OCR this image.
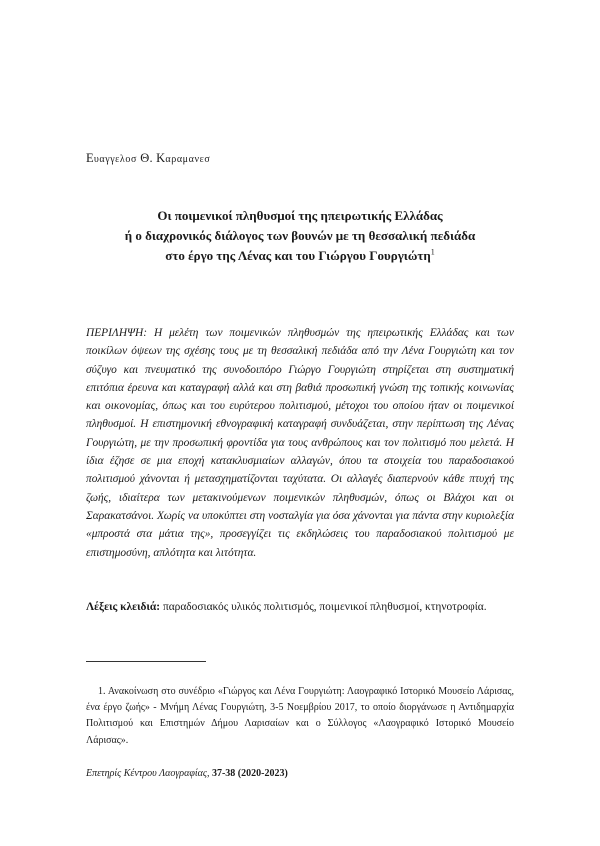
Ευαγγελοσ Θ. Καραμανεσ
Οι ποιμενικοί πληθυσμοί της ηπειρωτικής Ελλάδας
ή ο διαχρονικός διάλογος των βουνών με τη θεσσαλική πεδιάδα
στο έργο της Λένας και του Γιώργου Γουργιώτη$^1$

ΠΕΡΙΛΗΨΗ: Η μελέτη των ποιμενικών πληθυσμών της ηπειρωτικής Ελλάδας και των ποικίλων όψεων της σχέσης τους με τη θεσσαλική πεδιάδα από την Λένα Γουργιώτη και τον σύζυγο και πνευματικό της συνοδοιπόρο Γιώργο Γουργιώτη στηρίζεται στη συστηματική επιτόπια έρευνα και καταγραφή αλλά και στη βαθιά προσωπική γνώση της τοπικής κοινωνίας και οικονομίας, όπως και του ευρύτερου πολιτισμού, μέτοχοι του οποίου ήταν οι ποιμενικοί πληθυσμοί. Η επιστημονική εθνογραφική καταγραφή συνδυάζεται, στην περίπτωση της Λένας Γουργιώτη, με την προσωπική φροντίδα για τους ανθρώπους και τον πολιτισμό που μελετά. Η ίδια έζησε σε μια εποχή κατακλυσμιαίων αλλαγών, όπου τα στοιχεία του παραδοσιακού πολιτισμού χάνονται ή μετασχηματίζονται ταχύτατα. Οι αλλαγές διαπερνούν κάθε πτυχή της ζωής, ιδιαίτερα των μετακινούμενων ποιμενικών πληθυσμών, όπως οι Βλάχοι και οι Σαρακατσάνοι. Χωρίς να υποκύπτει στη νοσταλγία για όσα χάνονται για πάντα στην κυριολεξία «μπροστά στα μάτια της», προσεγγίζει τις εκδηλώσεις του παραδοσιακού πολιτισμού με επιστημοσύνη, απλότητα και λιτότητα.

Λέξεις κλειδιά: παραδοσιακός υλικός πολιτισμός, ποιμενικοί πληθυσμοί, κτηνοτροφία.

1. Ανακοίνωση στο συνέδριο «Γιώργος και Λένα Γουργιώτη: Λαογραφικό Ιστορικό Μουσείο Λάρισας, ένα έργο ζωής» - Μνήμη Λένας Γουργιώτη, 3-5 Νοεμβρίου 2017, το οποίο διοργάνωσε η Αντιδημαρχία Πολιτισμού και Επιστημών Δήμου Λαρισαίων και ο Σύλλογος «Λαογραφικό Ιστορικό Μουσείο Λάρισας».

Επετηρίς Κέντρου Λαογραφίας, 37-38 (2020-2023)
